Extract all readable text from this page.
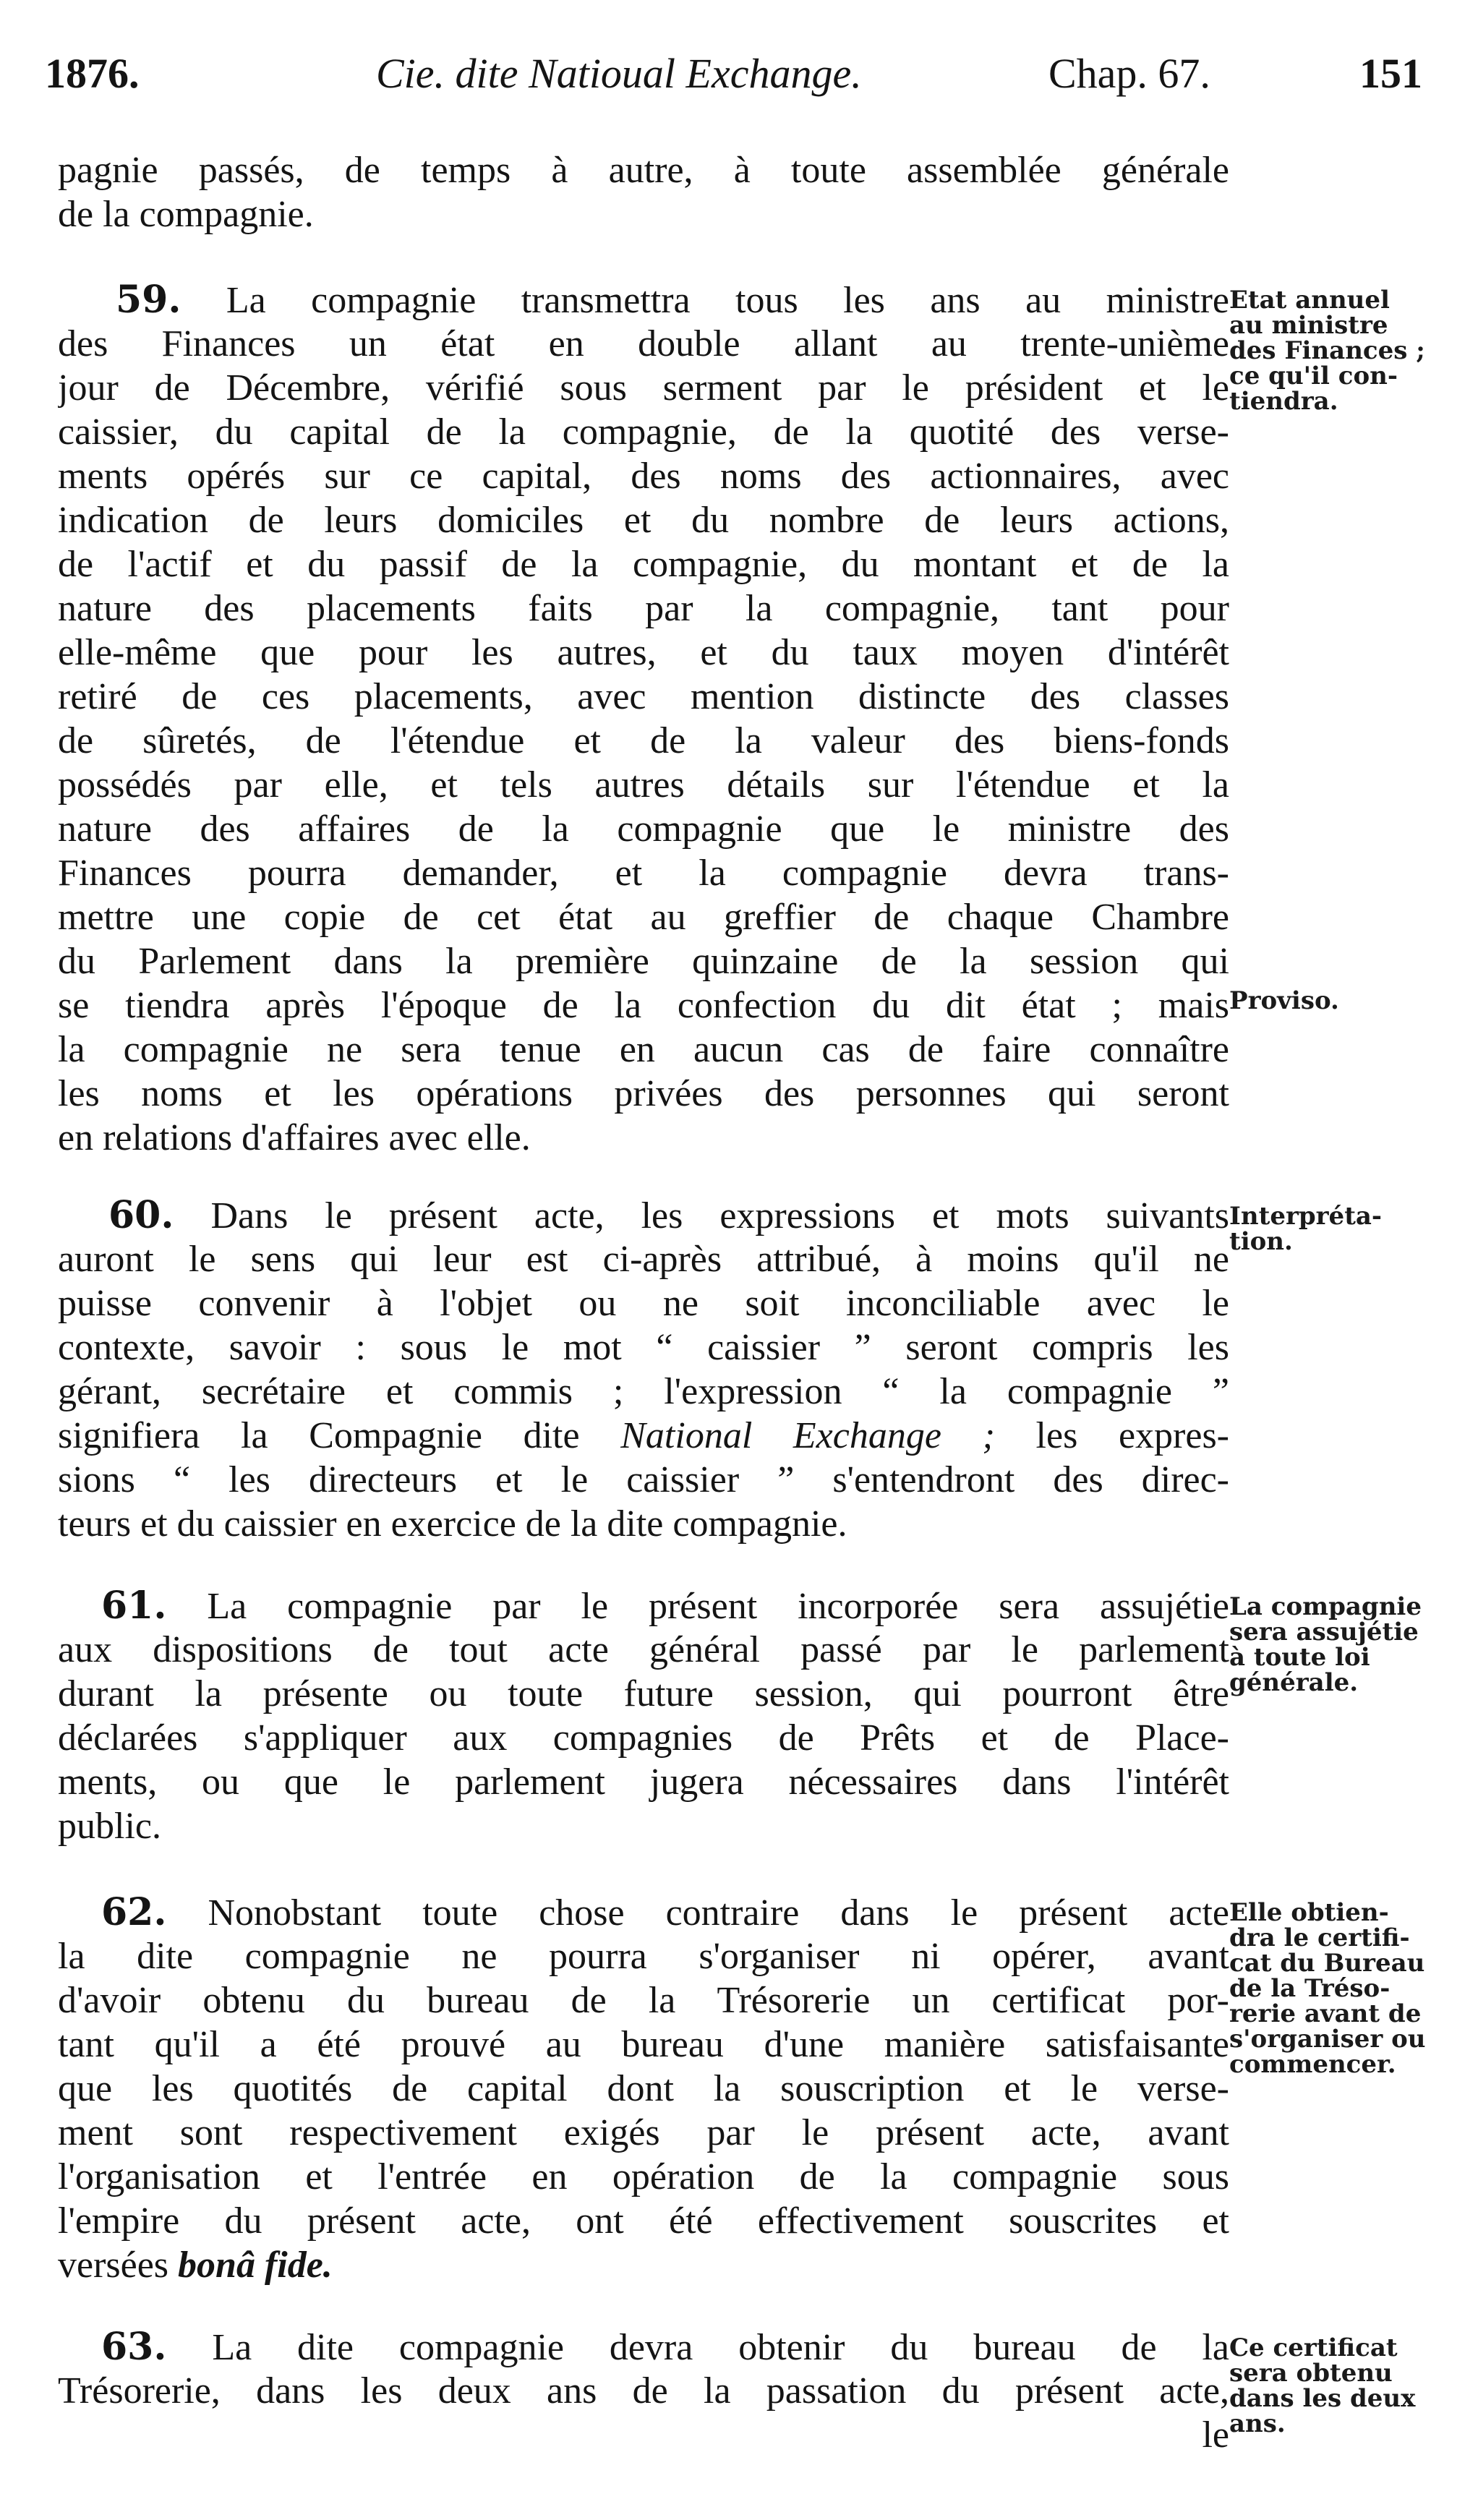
1876.	Cie. dite Natioual Exchange.	Chap. 67.	151
pagnie passés, de temps à autre, à toute assemblée générale
de la compagnie.
59. La compagnie transmettra tous les ans au ministre
des Finances un état en double allant au trente-unième
jour de Décembre, vérifié sous serment par le président et le
caissier, du capital de la compagnie, de la quotité des verse-
ments opérés sur ce capital, des noms des actionnaires, avec
indication de leurs domiciles et du nombre de leurs actions,
de l'actif et du passif de la compagnie, du montant et de la
nature des placements faits par la compagnie, tant pour
elle-même que pour les autres, et du taux moyen d'intérêt
retiré de ces placements, avec mention distincte des classes
de sûretés, de l'étendue et de la valeur des biens-fonds
possédés par elle, et tels autres détails sur l'étendue et la
nature des affaires de la compagnie que le ministre des
Finances pourra demander, et la compagnie devra trans-
mettre une copie de cet état au greffier de chaque Chambre
du Parlement dans la première quinzaine de la session qui
se tiendra après l'époque de la confection du dit état ; mais
la compagnie ne sera tenue en aucun cas de faire connaître
les noms et les opérations privées des personnes qui seront
en relations d'affaires avec elle.
Etat annuel
au ministre
des Finances ;
ce qu'il con-
tiendra.
Proviso.
60. Dans le présent acte, les expressions et mots suivants
auront le sens qui leur est ci-après attribué, à moins qu'il ne
puisse convenir à l'objet ou ne soit inconciliable avec le
contexte, savoir : sous le mot “ caissier ” seront compris les
gérant, secrétaire et commis ; l'expression “ la compagnie ”
signifiera la Compagnie dite National Exchange ; les expres-
sions “ les directeurs et le caissier ” s'entendront des direc-
teurs et du caissier en exercice de la dite compagnie.
Interpréta-
tion.
61. La compagnie par le présent incorporée sera assujétie
aux dispositions de tout acte général passé par le parlement
durant la présente ou toute future session, qui pourront être
déclarées s'appliquer aux compagnies de Prêts et de Place-
ments, ou que le parlement jugera nécessaires dans l'intérêt
public.
La compagnie
sera assujétie
à toute loi
générale.
62. Nonobstant toute chose contraire dans le présent acte
la dite compagnie ne pourra s'organiser ni opérer, avant
d'avoir obtenu du bureau de la Trésorerie un certificat por-
tant qu'il a été prouvé au bureau d'une manière satisfaisante
que les quotités de capital dont la souscription et le verse-
ment sont respectivement exigés par le présent acte, avant
l'organisation et l'entrée en opération de la compagnie sous
l'empire du présent acte, ont été effectivement souscrites et
versées bonâ fide.
Elle obtien-
dra le certifi-
cat du Bureau
de la Tréso-
rerie avant de
s'organiser ou
commencer.
63. La dite compagnie devra obtenir du bureau de la
Trésorerie, dans les deux ans de la passation du présent acte,
le
Ce certificat
sera obtenu
dans les deux
ans.
